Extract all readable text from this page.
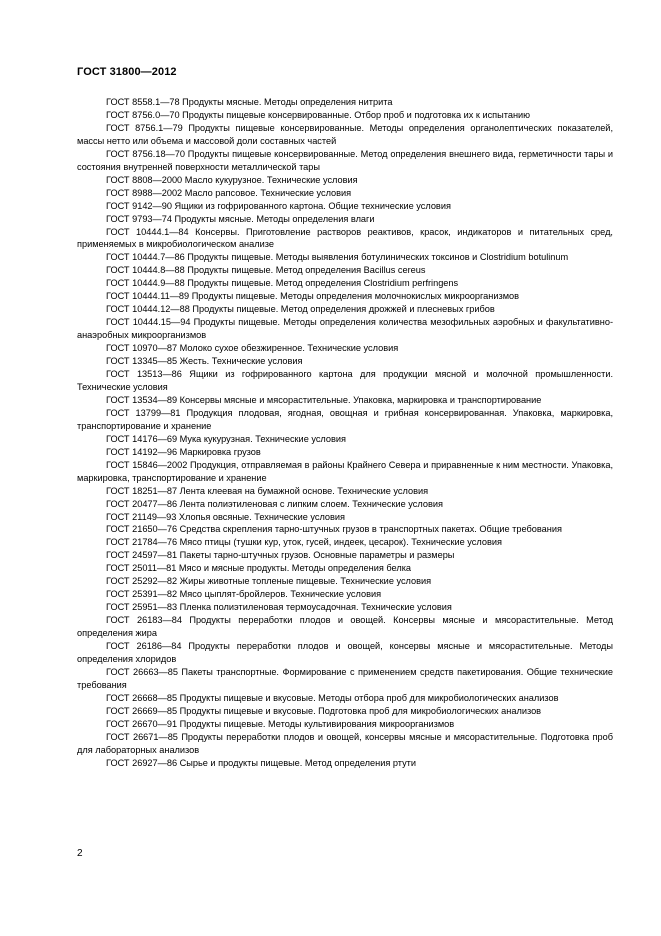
ГОСТ 31800—2012

ГОСТ 8558.1—78 Продукты мясные. Методы определения нитрита

ГОСТ 8756.0—70 Продукты пищевые консервированные. Отбор проб и подготовка их к испытанию

ГОСТ 8756.1—79 Продукты пищевые консервированные. Методы определения органолептических показателей, массы нетто или объема и массовой доли составных частей

ГОСТ 8756.18—70 Продукты пищевые консервированные. Метод определения внешнего вида, герметичности тары и состояния внутренней поверхности металлической тары

ГОСТ 8808—2000 Масло кукурузное. Технические условия

ГОСТ 8988—2002 Масло рапсовое. Технические условия

ГОСТ 9142—90 Ящики из гофрированного картона. Общие технические условия

ГОСТ 9793—74 Продукты мясные. Методы определения влаги

ГОСТ 10444.1—84 Консервы. Приготовление растворов реактивов, красок, индикаторов и питательных сред, применяемых в микробиологическом анализе

ГОСТ 10444.7—86 Продукты пищевые. Методы выявления ботулинических токсинов и Clostridium botulinum

ГОСТ 10444.8—88 Продукты пищевые. Метод определения Bacillus cereus

ГОСТ 10444.9—88 Продукты пищевые. Метод определения Clostridium perfringens

ГОСТ 10444.11—89 Продукты пищевые. Методы определения молочнокислых микроорганизмов

ГОСТ 10444.12—88 Продукты пищевые. Метод определения дрожжей и плесневых грибов

ГОСТ 10444.15—94 Продукты пищевые. Методы определения количества мезофильных аэробных и факультативно-анаэробных микроорганизмов

ГОСТ 10970—87 Молоко сухое обезжиренное. Технические условия

ГОСТ 13345—85 Жесть. Технические условия

ГОСТ 13513—86 Ящики из гофрированного картона для продукции мясной и молочной промышленности. Технические условия

ГОСТ 13534—89 Консервы мясные и мясорастительные. Упаковка, маркировка и транспортирование

ГОСТ 13799—81 Продукция плодовая, ягодная, овощная и грибная консервированная. Упаковка, маркировка, транспортирование и хранение

ГОСТ 14176—69 Мука кукурузная. Технические условия

ГОСТ 14192—96 Маркировка грузов

ГОСТ 15846—2002 Продукция, отправляемая в районы Крайнего Севера и приравненные к ним местности. Упаковка, маркировка, транспортирование и хранение

ГОСТ 18251—87 Лента клеевая на бумажной основе. Технические условия

ГОСТ 20477—86 Лента полиэтиленовая с липким слоем. Технические условия

ГОСТ 21149—93 Хлопья овсяные. Технические условия

ГОСТ 21650—76 Средства скрепления тарно-штучных грузов в транспортных пакетах. Общие требования

ГОСТ 21784—76 Мясо птицы (тушки кур, уток, гусей, индеек, цесарок). Технические условия

ГОСТ 24597—81 Пакеты тарно-штучных грузов. Основные параметры и размеры

ГОСТ 25011—81 Мясо и мясные продукты. Методы определения белка

ГОСТ 25292—82 Жиры животные топленые пищевые. Технические условия

ГОСТ 25391—82 Мясо цыплят-бройлеров. Технические условия

ГОСТ 25951—83 Пленка полиэтиленовая термоусадочная. Технические условия

ГОСТ 26183—84 Продукты переработки плодов и овощей. Консервы мясные и мясорастительные. Метод определения жира

ГОСТ 26186—84 Продукты переработки плодов и овощей, консервы мясные и мясорастительные. Методы определения хлоридов

ГОСТ 26663—85 Пакеты транспортные. Формирование с применением средств пакетирования. Общие технические требования

ГОСТ 26668—85 Продукты пищевые и вкусовые. Методы отбора проб для микробиологических анализов

ГОСТ 26669—85 Продукты пищевые и вкусовые. Подготовка проб для микробиологических анализов

ГОСТ 26670—91 Продукты пищевые. Методы культивирования микроорганизмов

ГОСТ 26671—85 Продукты переработки плодов и овощей, консервы мясные и мясорастительные. Подготовка проб для лабораторных анализов

ГОСТ 26927—86 Сырье и продукты пищевые. Метод определения ртути

2
